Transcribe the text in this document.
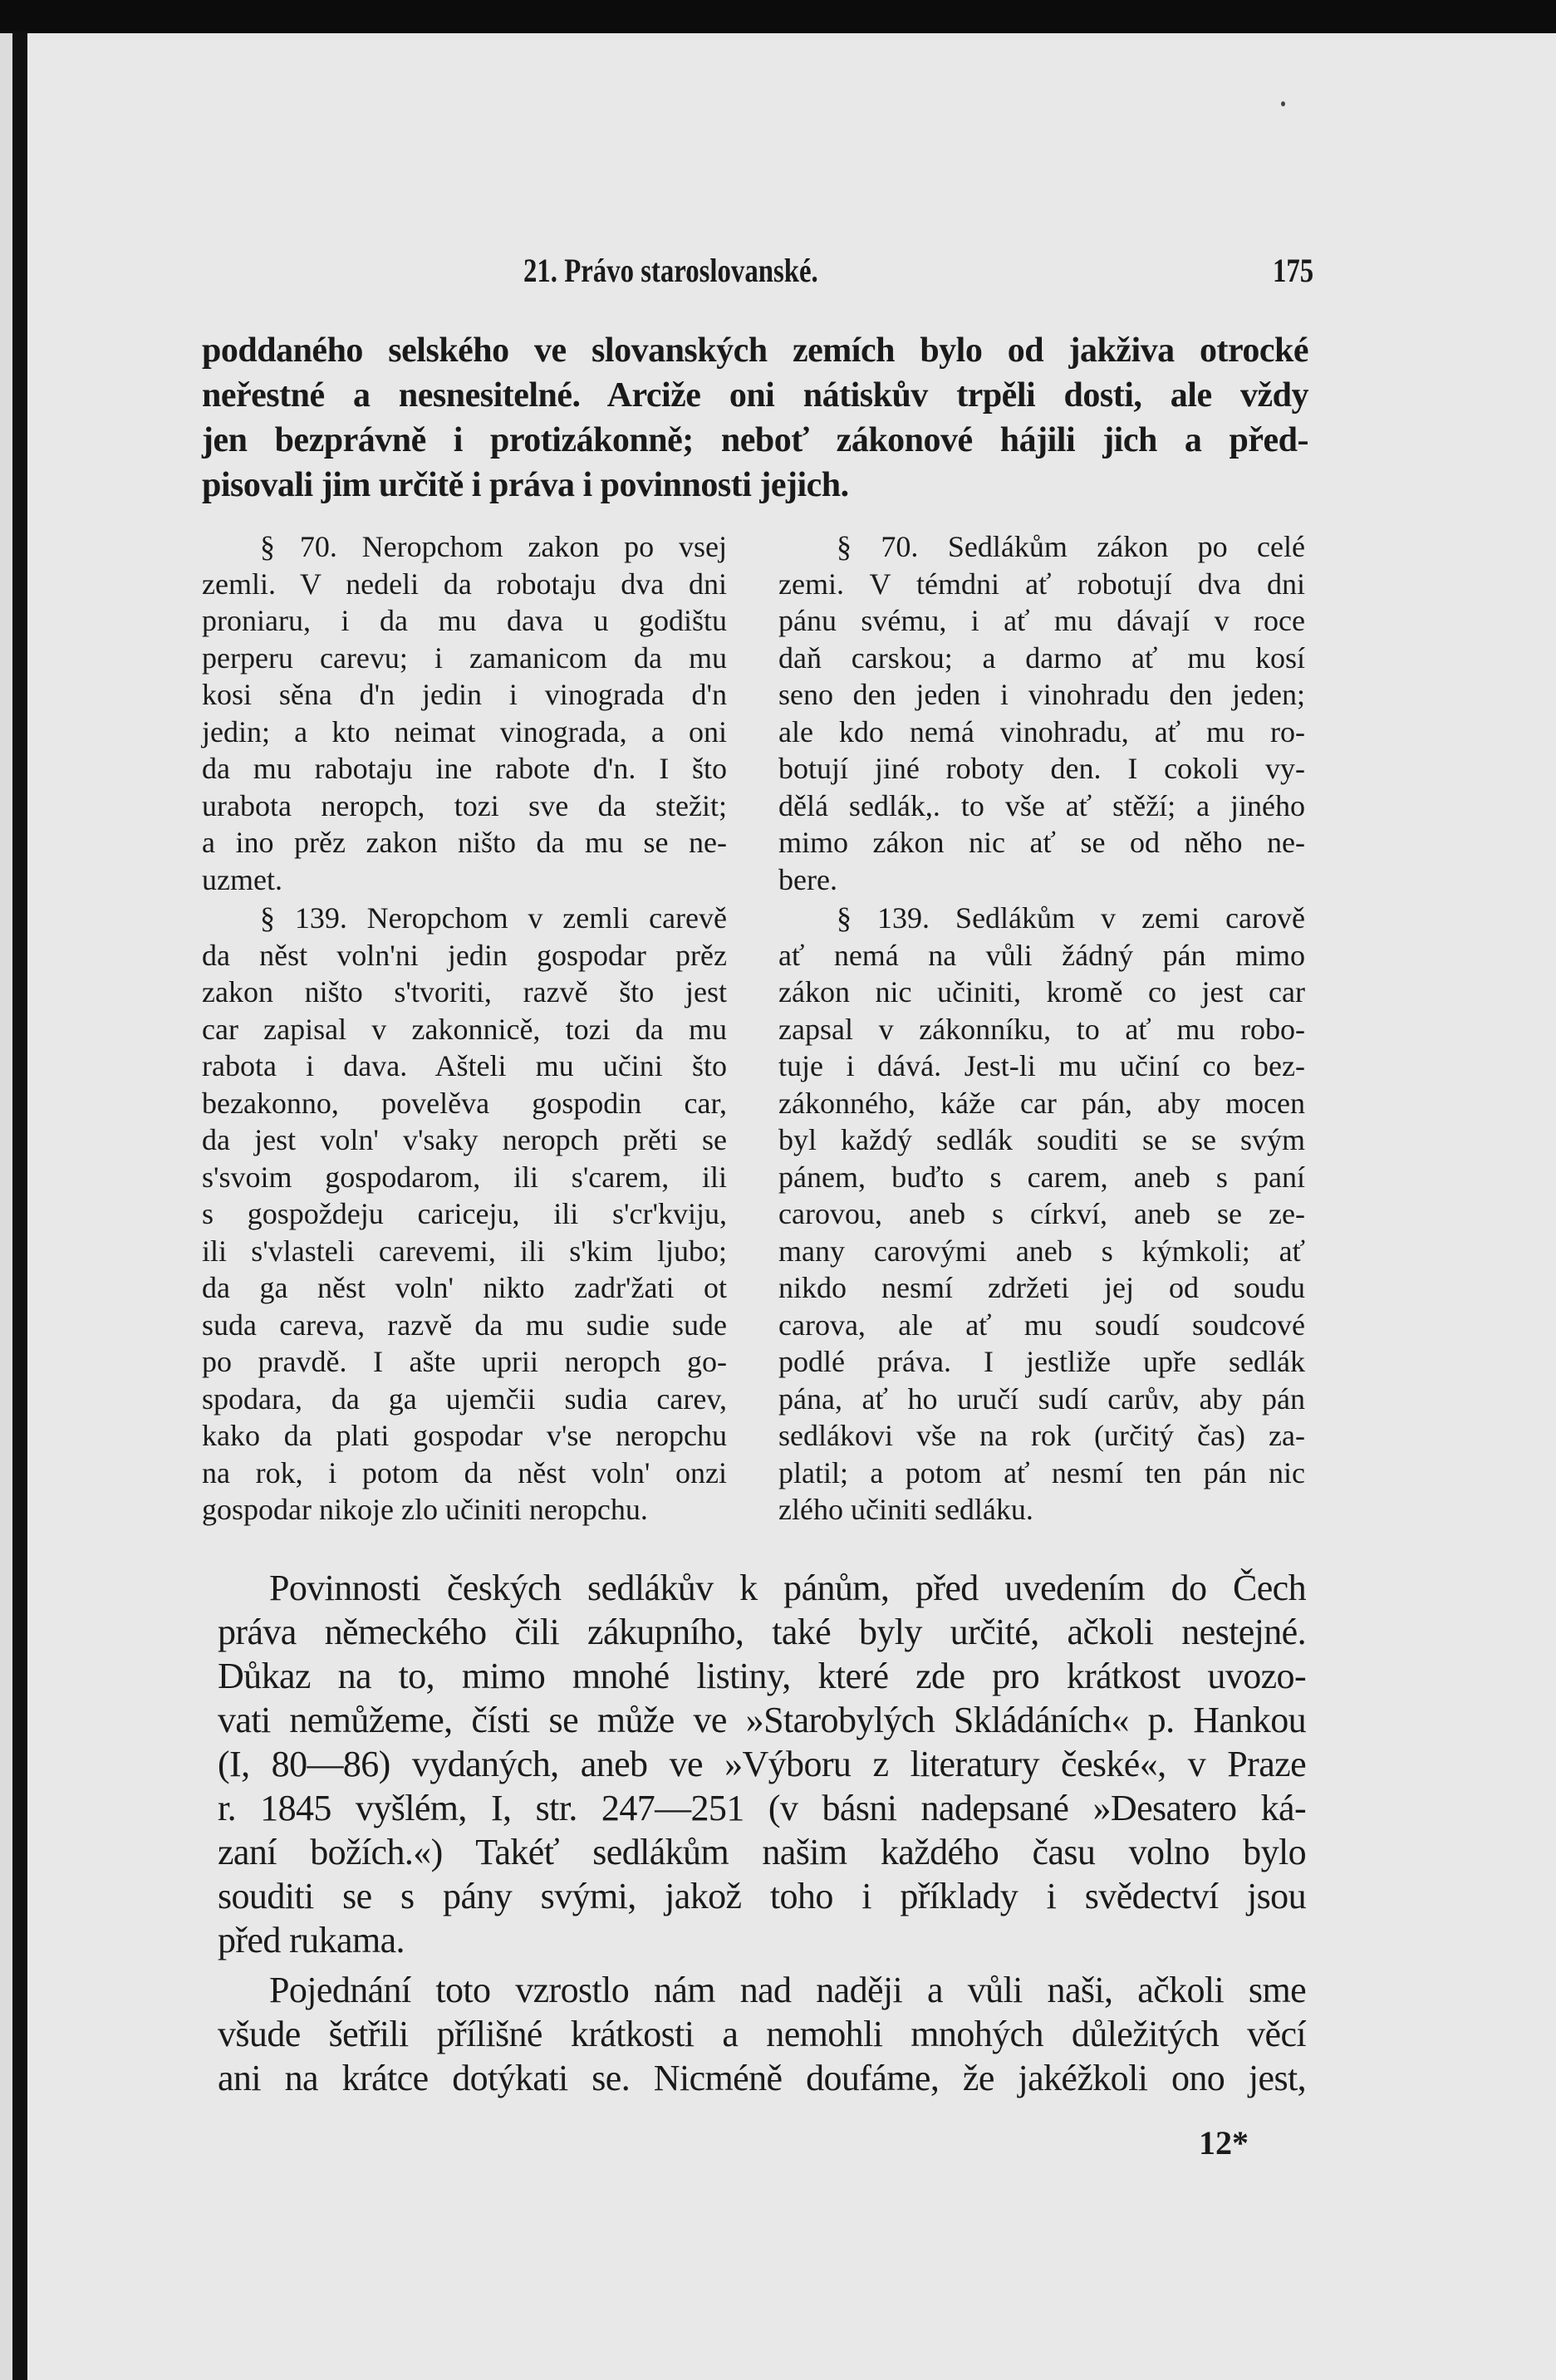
21. Právo staroslovanské.	175
poddaného selského ve slovanských zemích bylo od jakživa otrocké
neřestné a nesnesitelné. Arciže oni nátiskův trpěli dosti, ale vždy
jen bezprávně i protizákonně; neboť zákonové hájili jich a před-
pisovali jim určitě i práva i povinnosti jejich.
§ 70. Neropchom zakon po vsej
zemli. V nedeli da robotaju dva dni
proniaru, i da mu dava u godištu
perperu carevu; i zamanicom da mu
kosi sěna d'n jedin i vinograda d'n
jedin; a kto neimat vinograda, a oni
da mu rabotaju ine rabote d'n. I što
urabota neropch, tozi sve da stežit;
a ino prěz zakon ništo da mu se ne-
uzmet.
§ 139. Neropchom v zemli carevě
da něst voln'ni jedin gospodar prěz
zakon ništo s'tvoriti, razvě što jest
car zapisal v zakonnicě, tozi da mu
rabota i dava. Ašteli mu učini što
bezakonno, povelěva gospodin car,
da jest voln' v'saky neropch prěti se
s'svoim gospodarom, ili s'carem, ili
s gospoždeju cariceju, ili s'cr'kviju,
ili s'vlasteli carevemi, ili s'kim ljubo;
da ga něst voln' nikto zadr'žati ot
suda careva, razvě da mu sudie sude
po pravdě. I ašte uprii neropch go-
spodara, da ga ujemčii sudia carev,
kako da plati gospodar v'se neropchu
na rok, i potom da něst voln' onzi
gospodar nikoje zlo učiniti neropchu.
§ 70. Sedlákům zákon po celé
zemi. V témdni ať robotují dva dni
pánu svému, i ať mu dávají v roce
daň carskou; a darmo ať mu kosí
seno den jeden i vinohradu den jeden;
ale kdo nemá vinohradu, ať mu ro-
botují jiné roboty den. I cokoli vy-
dělá sedlák,. to vše ať stěží; a jiného
mimo zákon nic ať se od něho ne-
bere.
§ 139. Sedlákům v zemi carově
ať nemá na vůli žádný pán mimo
zákon nic učiniti, kromě co jest car
zapsal v zákonníku, to ať mu robo-
tuje i dává. Jest-li mu učiní co bez-
zákonného, káže car pán, aby mocen
byl každý sedlák souditi se se svým
pánem, buďto s carem, aneb s paní
carovou, aneb s církví, aneb se ze-
many carovými aneb s kýmkoli; ať
nikdo nesmí zdržeti jej od soudu
carova, ale ať mu soudí soudcové
podlé práva. I jestliže upře sedlák
pána, ať ho uručí sudí carův, aby pán
sedlákovi vše na rok (určitý čas) za-
platil; a potom ať nesmí ten pán nic
zlého učiniti sedláku.
Povinnosti českých sedlákův k pánům, před uvedením do Čech
práva německého čili zákupního, také byly určité, ačkoli nestejné.
Důkaz na to, mimo mnohé listiny, které zde pro krátkost uvozo-
vati nemůžeme, čísti se může ve »Starobylých Skládáních« p. Hankou
(I, 80—86) vydaných, aneb ve »Výboru z literatury české«, v Praze
r. 1845 vyšlém, I, str. 247—251 (v básni nadepsané »Desatero ká-
zaní božích.«) Takéť sedlákům našim každého času volno bylo
souditi se s pány svými, jakož toho i příklady i svědectví jsou
před rukama.
Pojednání toto vzrostlo nám nad naději a vůli naši, ačkoli sme
všude šetřili přílišné krátkosti a nemohli mnohých důležitých věcí
ani na krátce dotýkati se. Nicméně doufáme, že jakéžkoli ono jest,
12*
